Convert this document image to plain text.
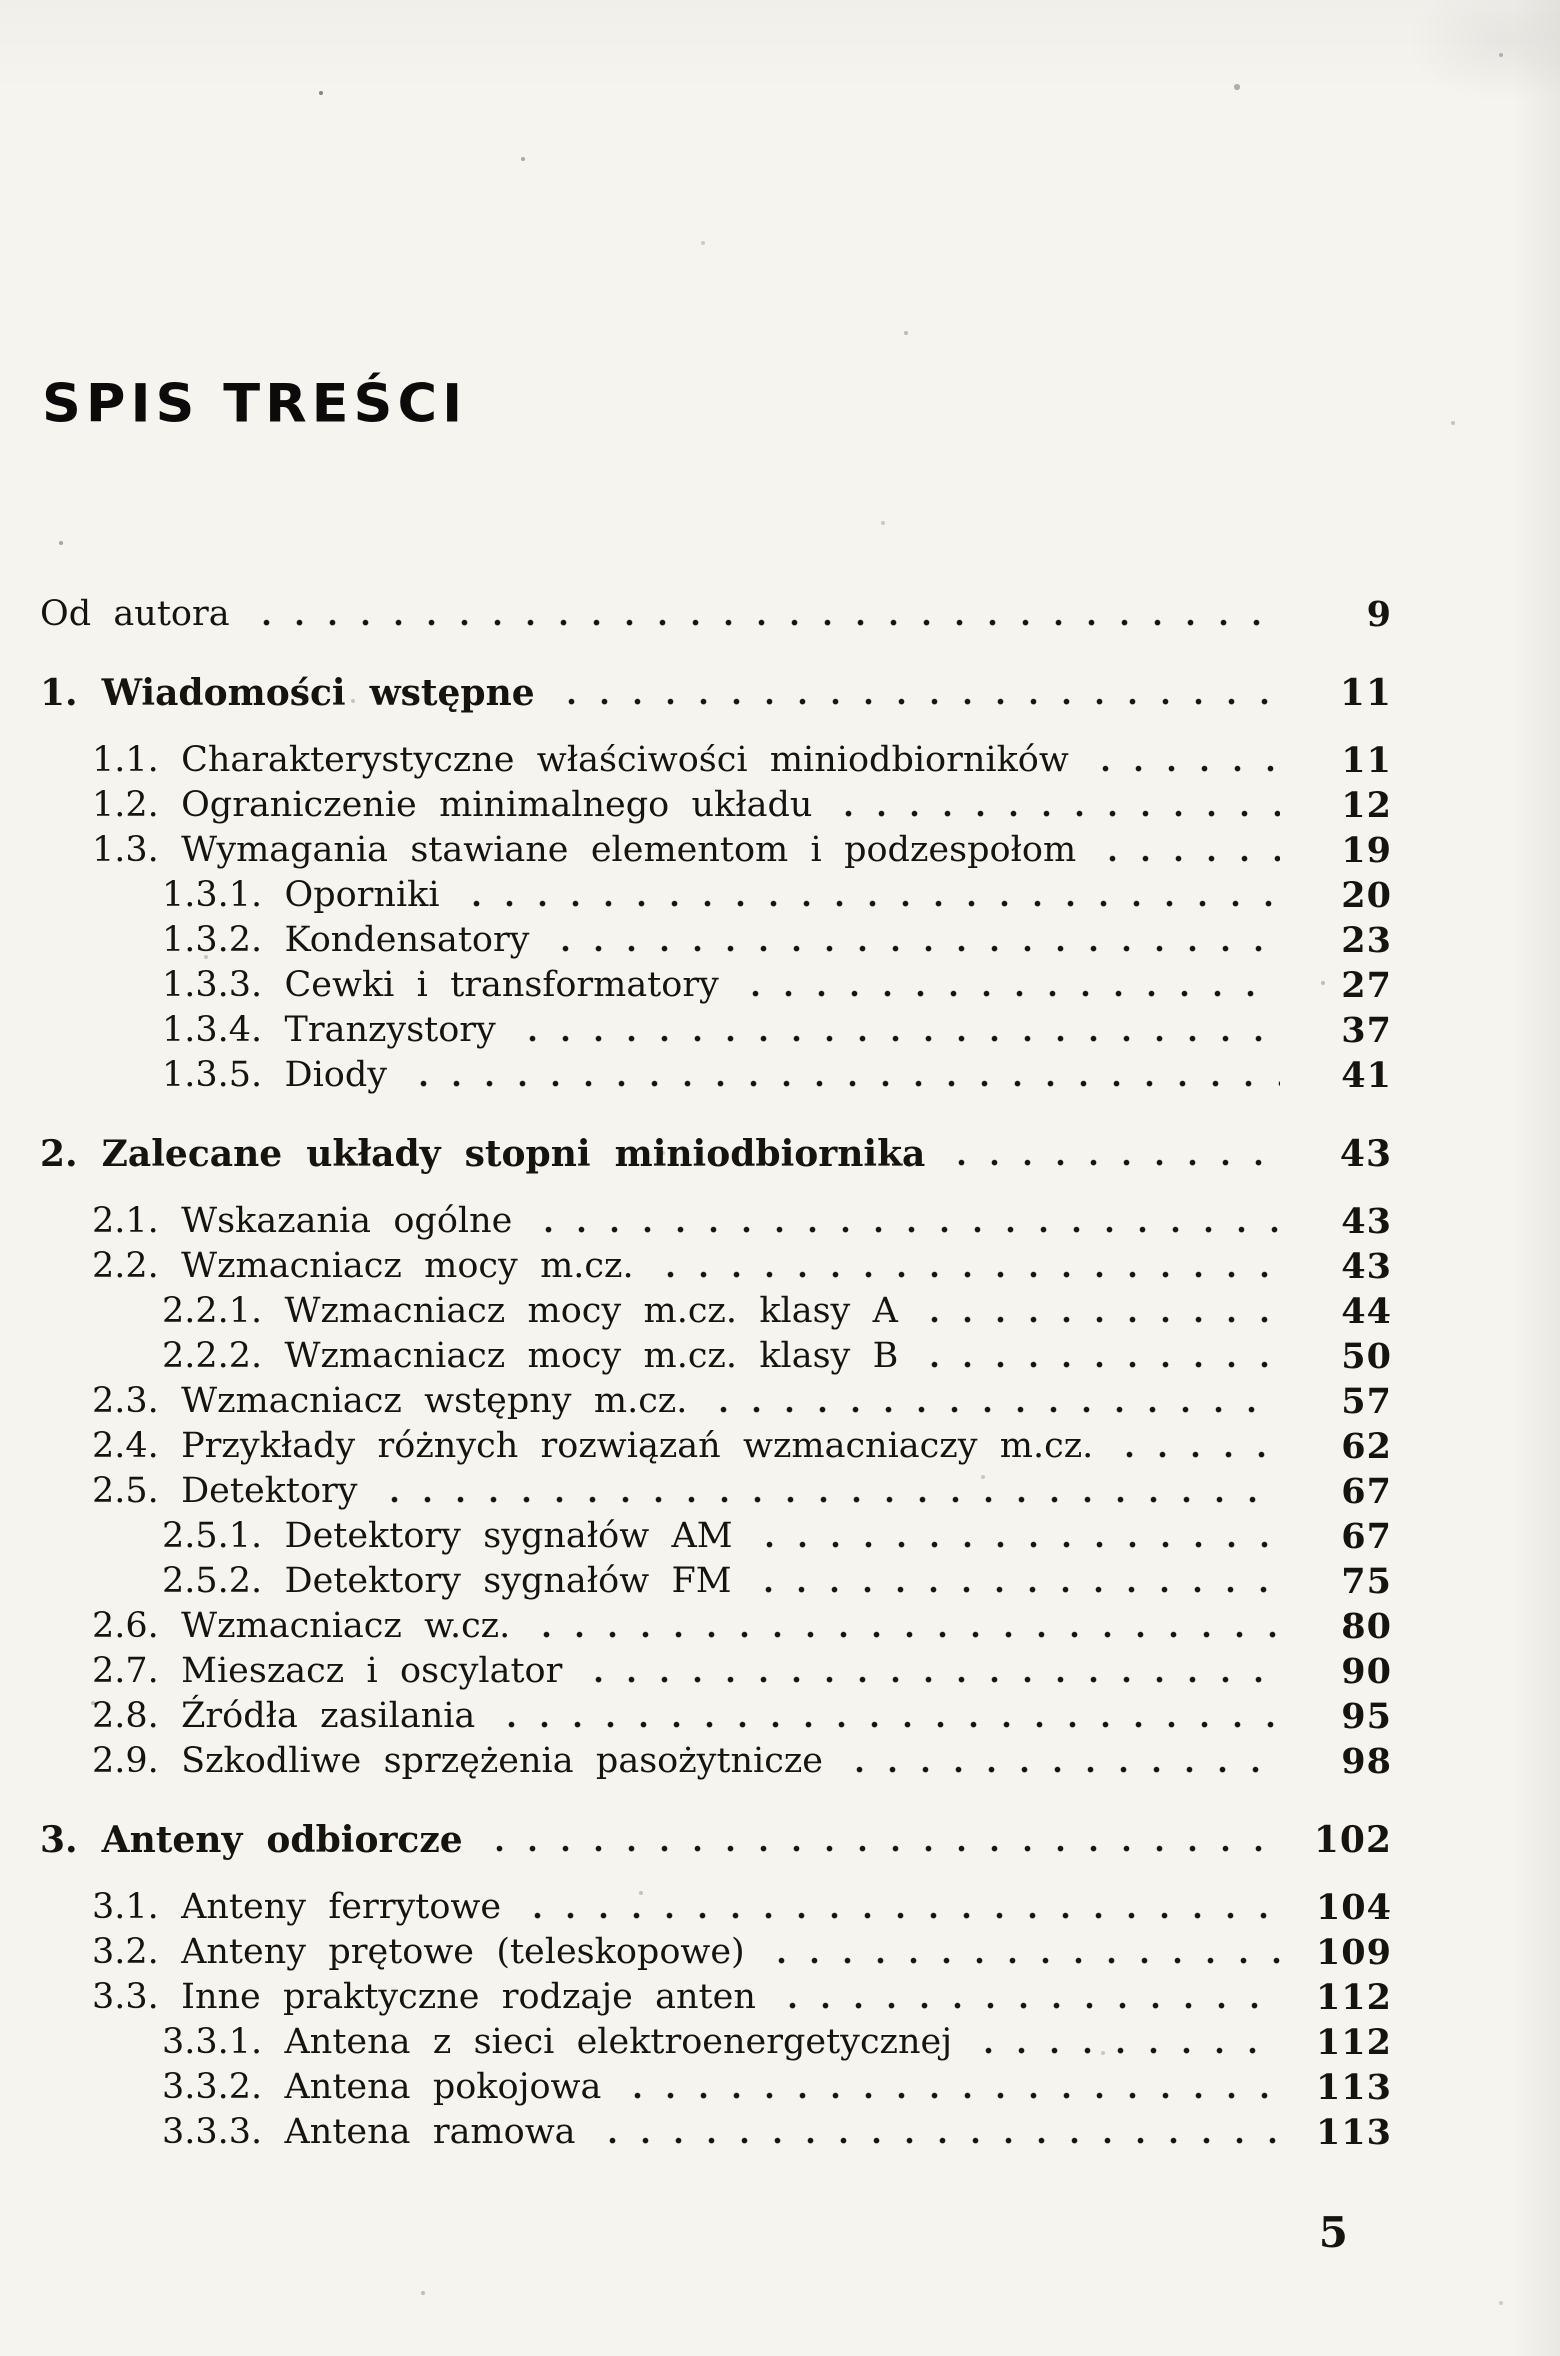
SPIS TREŚCI
Od autora	9
1. Wiadomości wstępne	11
1.1. Charakterystyczne właściwości miniodbiorników	11
1.2. Ograniczenie minimalnego układu	12
1.3. Wymagania stawiane elementom i podzespołom	19
1.3.1. Oporniki	20
1.3.2. Kondensatory	23
1.3.3. Cewki i transformatory	27
1.3.4. Tranzystory	37
1.3.5. Diody	41
2. Zalecane układy stopni miniodbiornika	43
2.1. Wskazania ogólne	43
2.2. Wzmacniacz mocy m.cz.	43
2.2.1. Wzmacniacz mocy m.cz. klasy A	44
2.2.2. Wzmacniacz mocy m.cz. klasy B	50
2.3. Wzmacniacz wstępny m.cz.	57
2.4. Przykłady różnych rozwiązań wzmacniaczy m.cz.	62
2.5. Detektory	67
2.5.1. Detektory sygnałów AM	67
2.5.2. Detektory sygnałów FM	75
2.6. Wzmacniacz w.cz.	80
2.7. Mieszacz i oscylator	90
2.8. Źródła zasilania	95
2.9. Szkodliwe sprzężenia pasożytnicze	98
3. Anteny odbiorcze	102
3.1. Anteny ferrytowe	104
3.2. Anteny prętowe (teleskopowe)	109
3.3. Inne praktyczne rodzaje anten	112
3.3.1. Antena z sieci elektroenergetycznej	112
3.3.2. Antena pokojowa	113
3.3.3. Antena ramowa	113
5
